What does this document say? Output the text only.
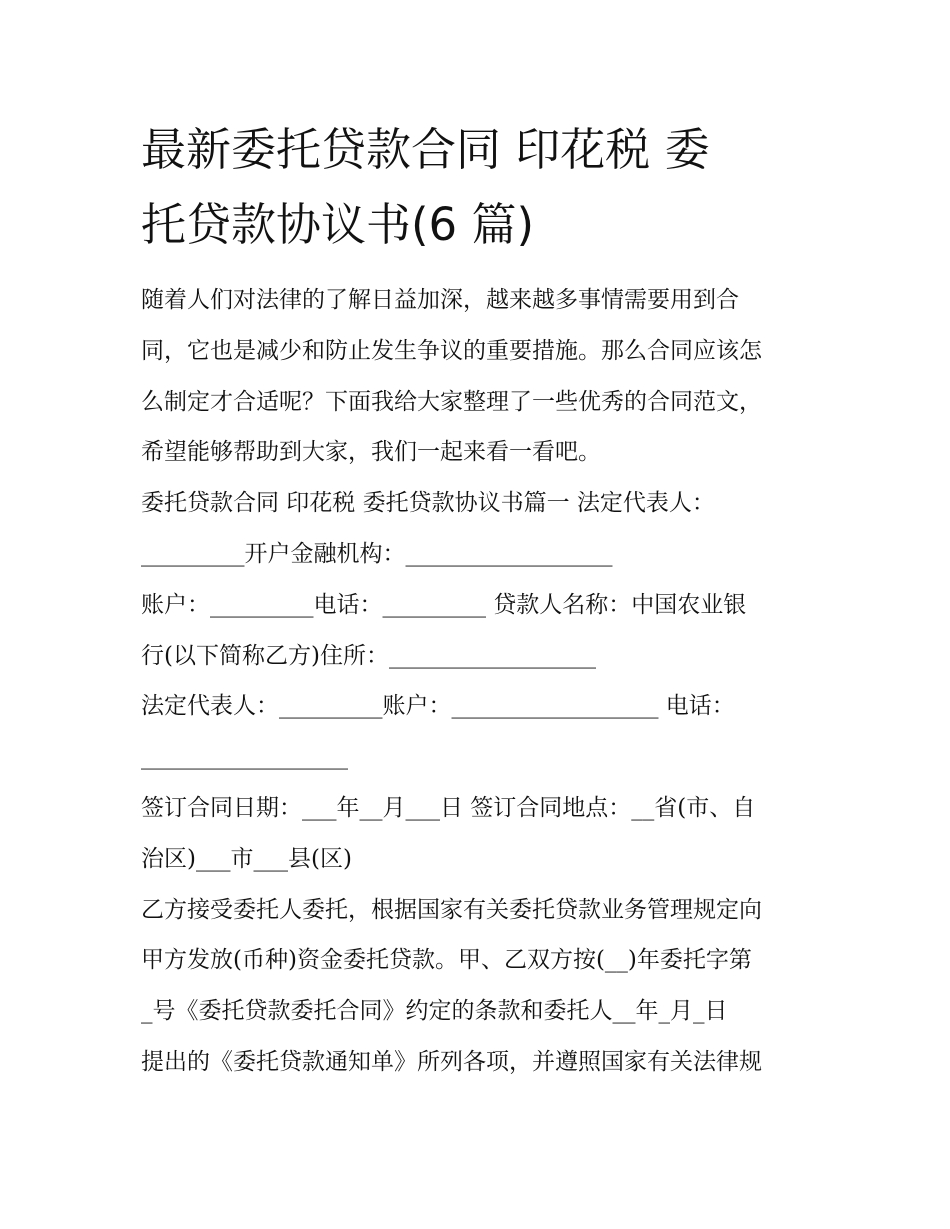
最新委托贷款合同 印花税 委
托贷款协议书(6 篇)
随着人们对法律的了解日益加深，越来越多事情需要用到合
同，它也是减少和防止发生争议的重要措施。那么合同应该怎
么制定才合适呢？下面我给大家整理了一些优秀的合同范文，
希望能够帮助到大家，我们一起来看一看吧。
委托贷款合同 印花税 委托贷款协议书篇一 法定代表人：
_________开户金融机构：__________________
账户：_________电话：_________ 贷款人名称：中国农业银
行(以下简称乙方)住所：__________________
法定代表人：_________账户：__________________ 电话：
__________________
签订合同日期：___年__月___日 签订合同地点：__省(市、自
治区)___市___县(区)
乙方接受委托人委托，根据国家有关委托贷款业务管理规定向
甲方发放(币种)资金委托贷款。甲、乙双方按(__)年委托字第
_号《委托贷款委托合同》约定的条款和委托人__年_月_日
提出的《委托贷款通知单》所列各项，并遵照国家有关法律规
